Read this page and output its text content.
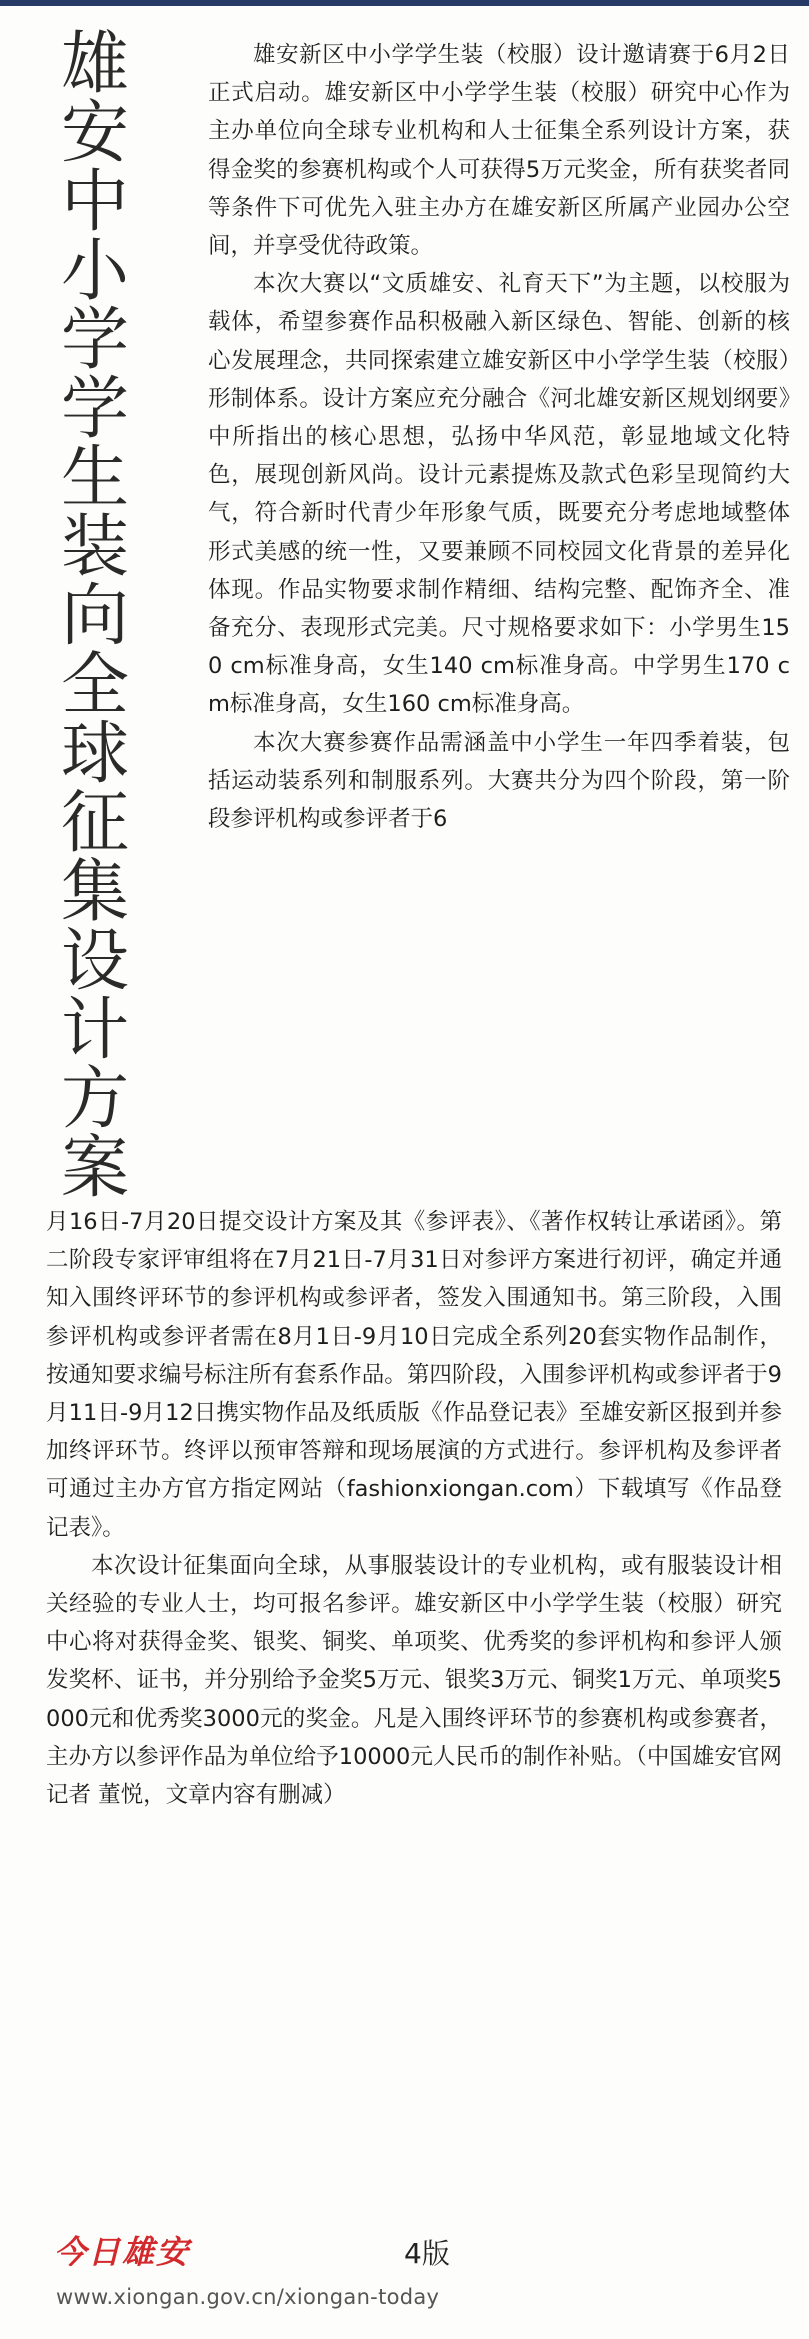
雄安中小学学生装向全球征集设计方案

雄安新区中小学学生装（校服）设计邀请赛于6月2日正式启动。雄安新区中小学学生装（校服）研究中心作为主办单位向全球专业机构和人士征集全系列设计方案，获得金奖的参赛机构或个人可获得5万元奖金，所有获奖者同等条件下可优先入驻主办方在雄安新区所属产业园办公空间，并享受优待政策。

本次大赛以“文质雄安、礼育天下”为主题，以校服为载体，希望参赛作品积极融入新区绿色、智能、创新的核心发展理念，共同探索建立雄安新区中小学学生装（校服）形制体系。设计方案应充分融合《河北雄安新区规划纲要》中所指出的核心思想，弘扬中华风范，彰显地域文化特色，展现创新风尚。设计元素提炼及款式色彩呈现简约大气，符合新时代青少年形象气质，既要充分考虑地域整体形式美感的统一性，又要兼顾不同校园文化背景的差异化体现。作品实物要求制作精细、结构完整、配饰齐全、准备充分、表现形式完美。尺寸规格要求如下：小学男生150 cm标准身高，女生140 cm标准身高。中学男生170 cm标准身高，女生160 cm标准身高。

本次大赛参赛作品需涵盖中小学生一年四季着装，包括运动装系列和制服系列。大赛共分为四个阶段，第一阶段参评机构或参评者于6

月16日-7月20日提交设计方案及其《参评表》、《著作权转让承诺函》。第二阶段专家评审组将在7月21日-7月31日对参评方案进行初评，确定并通知入围终评环节的参评机构或参评者，签发入围通知书。第三阶段，入围参评机构或参评者需在8月1日-9月10日完成全系列20套实物作品制作，按通知要求编号标注所有套系作品。第四阶段，入围参评机构或参评者于9月11日-9月12日携实物作品及纸质版《作品登记表》至雄安新区报到并参加终评环节。终评以预审答辩和现场展演的方式进行。参评机构及参评者可通过主办方官方指定网站（fashionxiongan.com）下载填写《作品登记表》。

本次设计征集面向全球，从事服装设计的专业机构，或有服装设计相关经验的专业人士，均可报名参评。雄安新区中小学学生装（校服）研究中心将对获得金奖、银奖、铜奖、单项奖、优秀奖的参评机构和参评人颁发奖杯、证书，并分别给予金奖5万元、银奖3万元、铜奖1万元、单项奖5000元和优秀奖3000元的奖金。凡是入围终评环节的参赛机构或参赛者，主办方以参评作品为单位给予10000元人民币的制作补贴。（中国雄安官网记者 董悦，文章内容有删减）

今日雄安	4版
www.xiongan.gov.cn/xiongan-today
